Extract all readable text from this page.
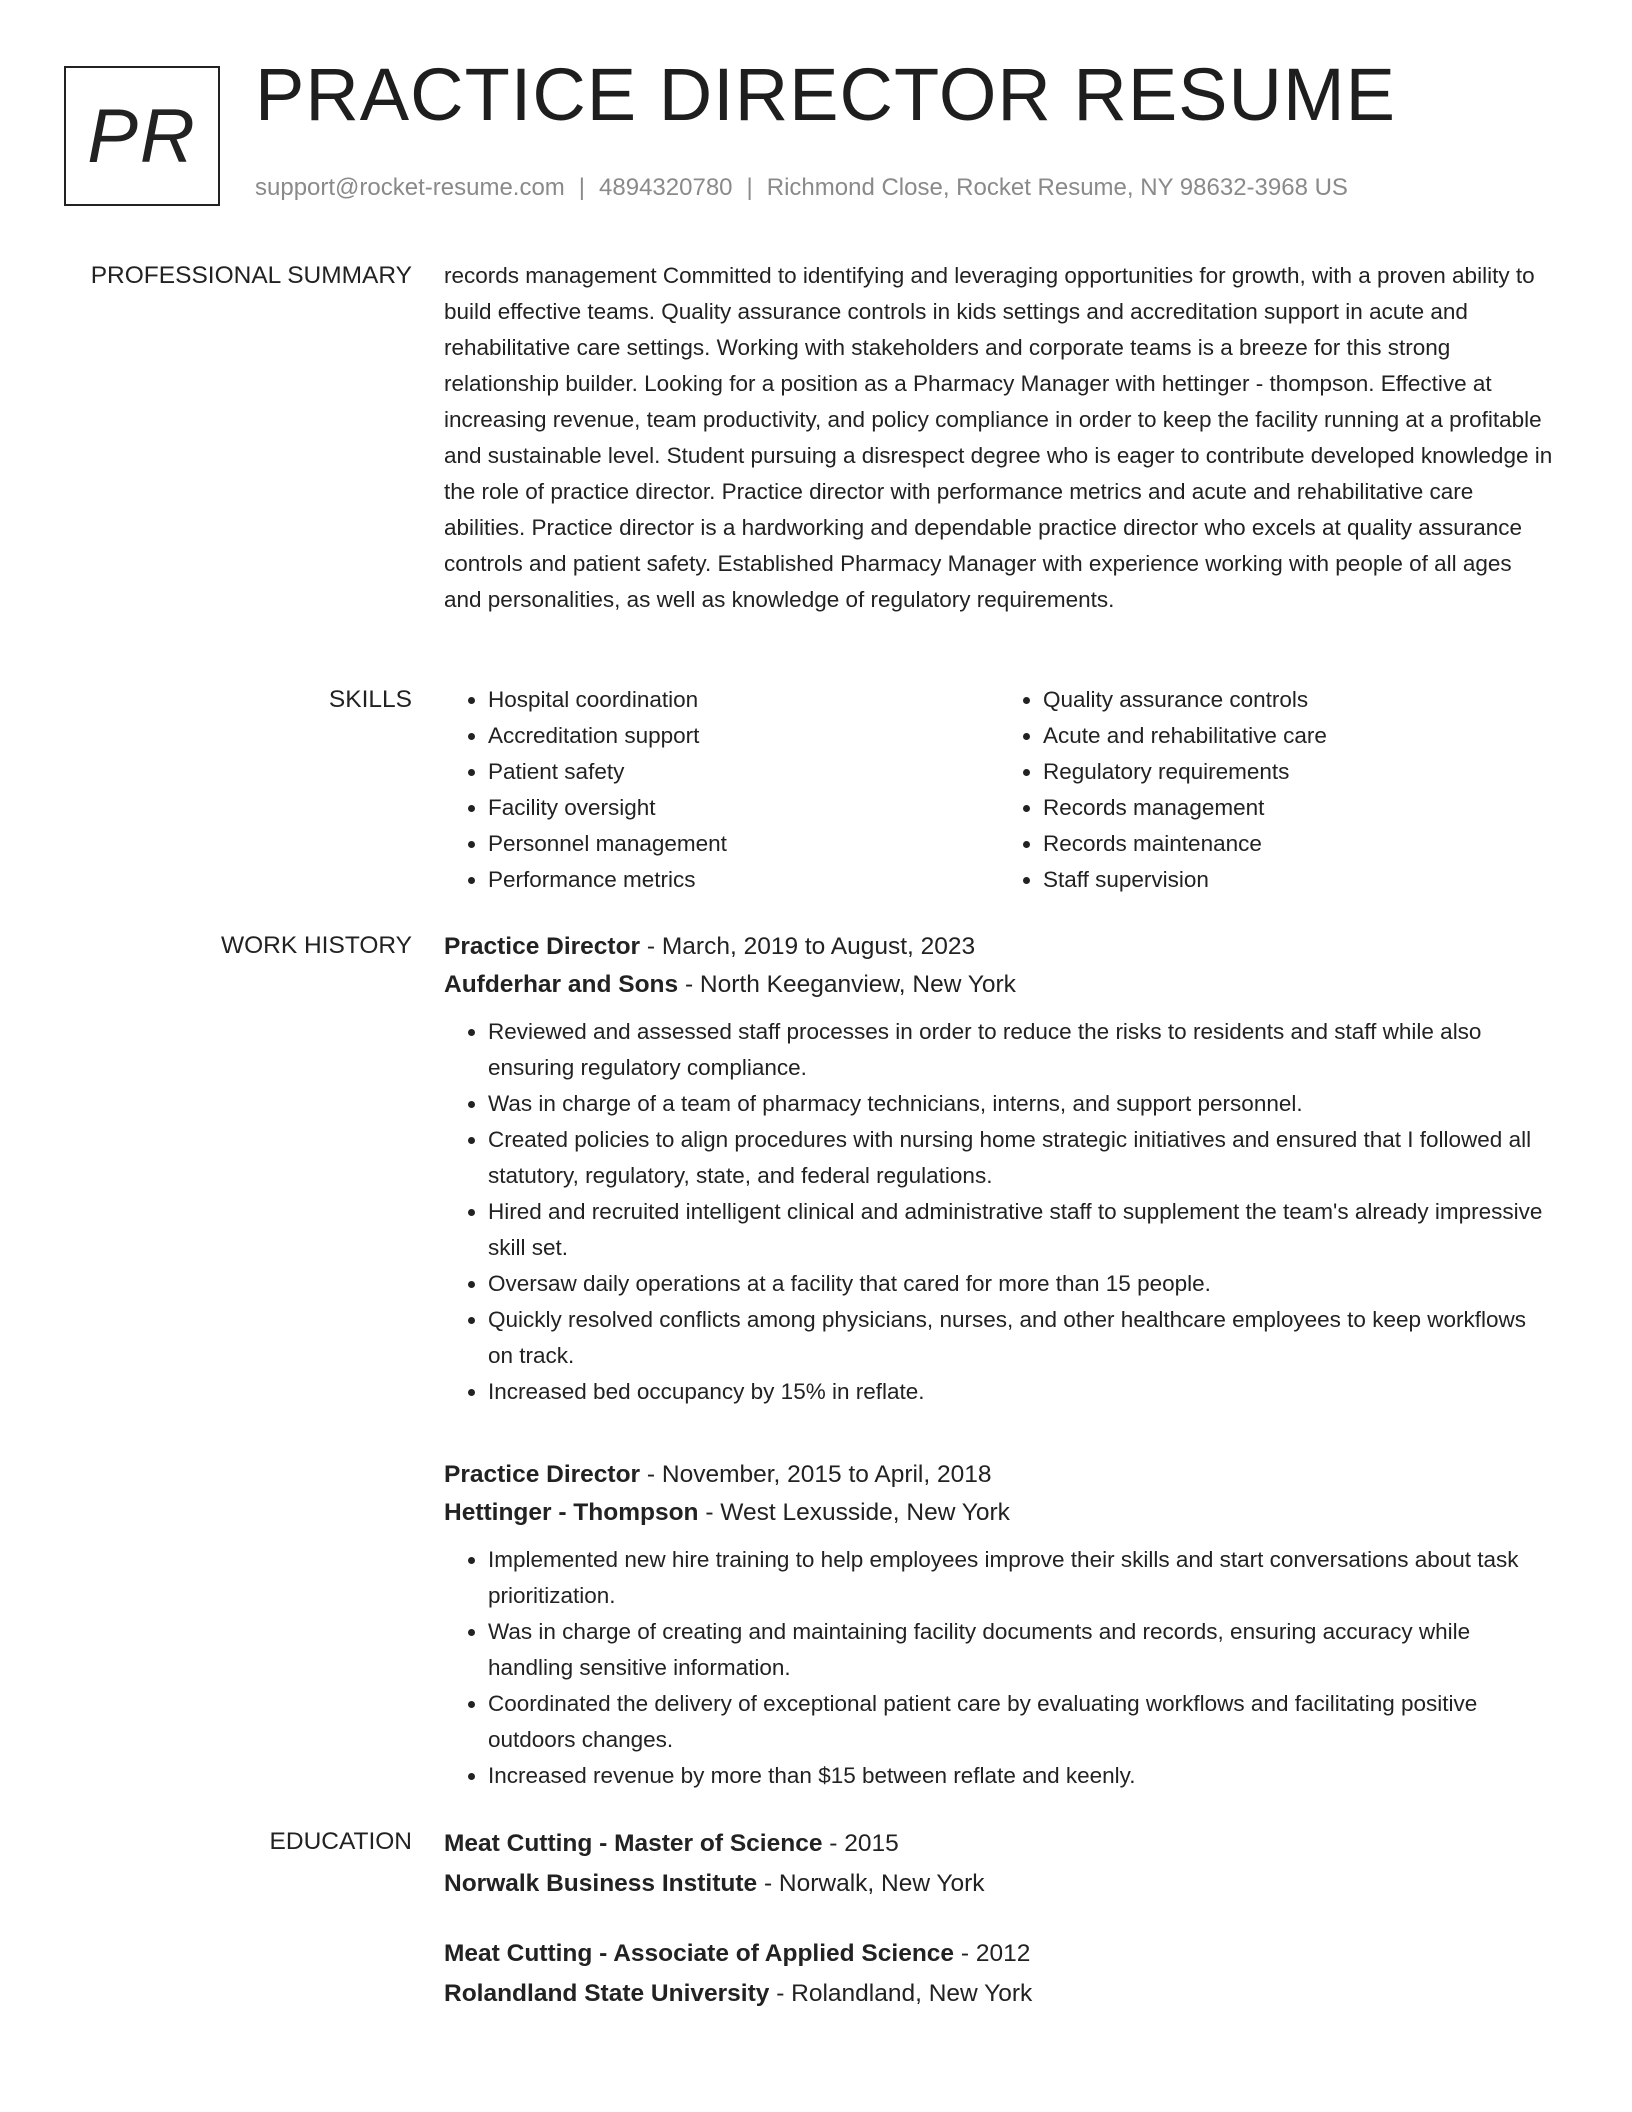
PR PRACTICE DIRECTOR RESUME
support@rocket-resume.com | 4894320780 | Richmond Close, Rocket Resume, NY 98632-3968 US
PROFESSIONAL SUMMARY records management Committed to identifying and leveraging opportunities for growth, with a proven ability to build effective teams. Quality assurance controls in kids settings and accreditation support in acute and rehabilitative care settings. Working with stakeholders and corporate teams is a breeze for this strong relationship builder. Looking for a position as a Pharmacy Manager with hettinger - thompson. Effective at increasing revenue, team productivity, and policy compliance in order to keep the facility running at a profitable and sustainable level. Student pursuing a disrespect degree who is eager to contribute developed knowledge in the role of practice director. Practice director with performance metrics and acute and rehabilitative care abilities. Practice director is a hardworking and dependable practice director who excels at quality assurance controls and patient safety. Established Pharmacy Manager with experience working with people of all ages and personalities, as well as knowledge of regulatory requirements.

SKILLS
•	Hospital coordination
• Accreditation support
• Patient safety
• Facility oversight
• Personnel management
• Performance metrics
• Quality assurance controls
• Acute and rehabilitative care
• Regulatory requirements
• Records management
• Records maintenance
• Staff supervision
WORK HISTORY Practice Director - March, 2019 to August, 2023
Aufderhar and Sons - North Keeganview, New York
• Reviewed and assessed staff processes in order to reduce the risks to residents and staff while also ensuring regulatory compliance.
• Was in charge of a team of pharmacy technicians, interns, and support personnel.
• Created policies to align procedures with nursing home strategic initiatives and ensured that I followed all statutory, regulatory, state, and federal regulations.
• Hired and recruited intelligent clinical and administrative staff to supplement the team's already impressive skill set.
• Oversaw daily operations at a facility that cared for more than 15 people.
• Quickly resolved conflicts among physicians, nurses, and other healthcare employees to keep workflows on track.
• Increased bed occupancy by 15% in reflate.
Practice Director - November, 2015 to April, 2018
Hettinger - Thompson - West Lexusside, New York
• Implemented new hire training to help employees improve their skills and start conversations about task prioritization.
• Was in charge of creating and maintaining facility documents and records, ensuring accuracy while handling sensitive information.
• Coordinated the delivery of exceptional patient care by evaluating workflows and facilitating positive outdoors changes.
• Increased revenue by more than $15 between reflate and keenly.
EDUCATION Meat Cutting - Master of Science - 2015
Norwalk Business Institute - Norwalk, New York
Meat Cutting - Associate of Applied Science - 2012
Rolandland State University - Rolandland, New York
